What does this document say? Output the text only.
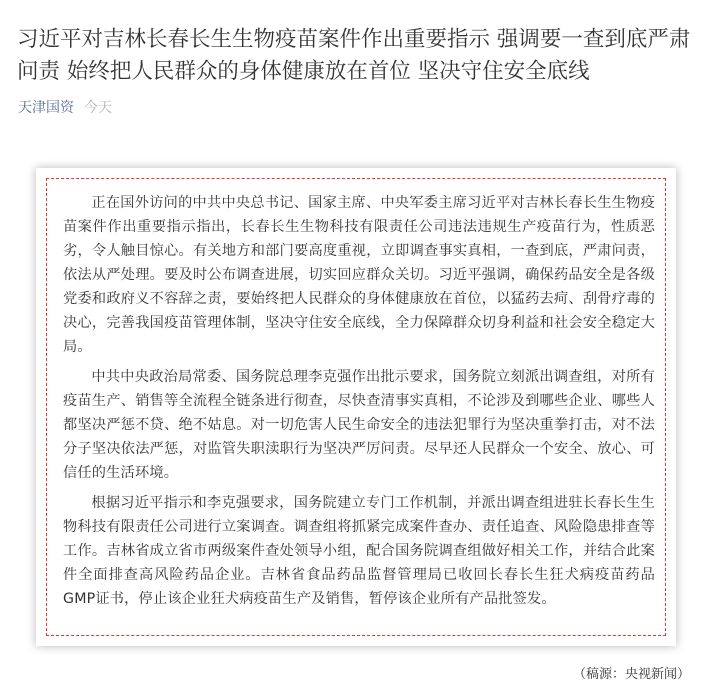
习近平对吉林长春长生生物疫苗案件作出重要指示 强调要一查到底严肃问责 始终把人民群众的身体健康放在首位 坚决守住安全底线
天津国资 今天

正在国外访问的中共中央总书记、国家主席、中央军委主席习近平对吉林长春长生生物疫苗案件作出重要指示指出，长春长生生物科技有限责任公司违法违规生产疫苗行为，性质恶劣，令人触目惊心。有关地方和部门要高度重视，立即调查事实真相，一查到底，严肃问责，依法从严处理。要及时公布调查进展，切实回应群众关切。习近平强调，确保药品安全是各级党委和政府义不容辞之责，要始终把人民群众的身体健康放在首位，以猛药去疴、刮骨疗毒的决心，完善我国疫苗管理体制，坚决守住安全底线，全力保障群众切身利益和社会安全稳定大局。

中共中央政治局常委、国务院总理李克强作出批示要求，国务院立刻派出调查组，对所有疫苗生产、销售等全流程全链条进行彻查，尽快查清事实真相，不论涉及到哪些企业、哪些人都坚决严惩不贷、绝不姑息。对一切危害人民生命安全的违法犯罪行为坚决重拳打击，对不法分子坚决依法严惩，对监管失职渎职行为坚决严厉问责。尽早还人民群众一个安全、放心、可信任的生活环境。

根据习近平指示和李克强要求，国务院建立专门工作机制，并派出调查组进驻长春长生生物科技有限责任公司进行立案调查。调查组将抓紧完成案件查办、责任追查、风险隐患排查等工作。吉林省成立省市两级案件查处领导小组，配合国务院调查组做好相关工作，并结合此案件全面排查高风险药品企业。吉林省食品药品监督管理局已收回长春长生狂犬病疫苗药品GMP证书，停止该企业狂犬病疫苗生产及销售，暂停该企业所有产品批签发。

（稿源：央视新闻）
